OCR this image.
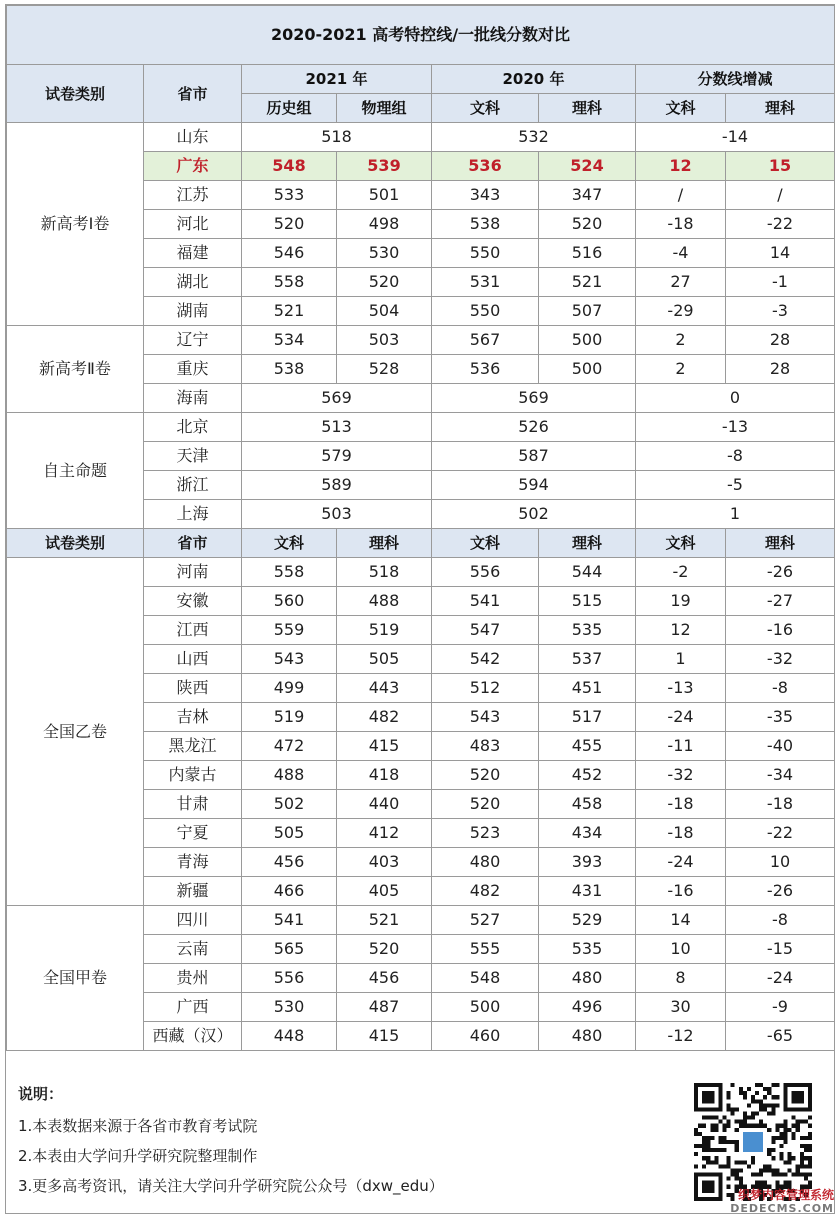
2020-2021 高考特控线/一批线分数对比							
试卷类别	省市	2021 年		2020 年		分数线增减	
		历史组	物理组	文科	理科	文科	理科
新高考Ⅰ卷	山东	518		532		-14	
	广东	548	539	536	524	12	15
	江苏	533	501	343	347	/	/
	河北	520	498	538	520	-18	-22
	福建	546	530	550	516	-4	14
	湖北	558	520	531	521	27	-1
	湖南	521	504	550	507	-29	-3
新高考Ⅱ卷	辽宁	534	503	567	500	2	28
	重庆	538	528	536	500	2	28
	海南	569		569		0	
自主命题	北京	513		526		-13	
	天津	579		587		-8	
	浙江	589		594		-5	
	上海	503		502		1	
试卷类别	省市	文科	理科	文科	理科	文科	理科
全国乙卷	河南	558	518	556	544	-2	-26
	安徽	560	488	541	515	19	-27
	江西	559	519	547	535	12	-16
	山西	543	505	542	537	1	-32
	陕西	499	443	512	451	-13	-8
	吉林	519	482	543	517	-24	-35
	黑龙江	472	415	483	455	-11	-40
	内蒙古	488	418	520	452	-32	-34
	甘肃	502	440	520	458	-18	-18
	宁夏	505	412	523	434	-18	-22
	青海	456	403	480	393	-24	10
	新疆	466	405	482	431	-16	-26
全国甲卷	四川	541	521	527	529	14	-8
	云南	565	520	555	535	10	-15
	贵州	556	456	548	480	8	-24
	广西	530	487	500	496	30	-9
	西藏（汉）	448	415	460	480	-12	-65
说明：
1.本表数据来源于各省市教育考试院
2.本表由大学问升学研究院整理制作
3.更多高考资讯，请关注大学问升学研究院公众号（dxw_edu）	织梦内容管理系统
DEDECMS.COM
